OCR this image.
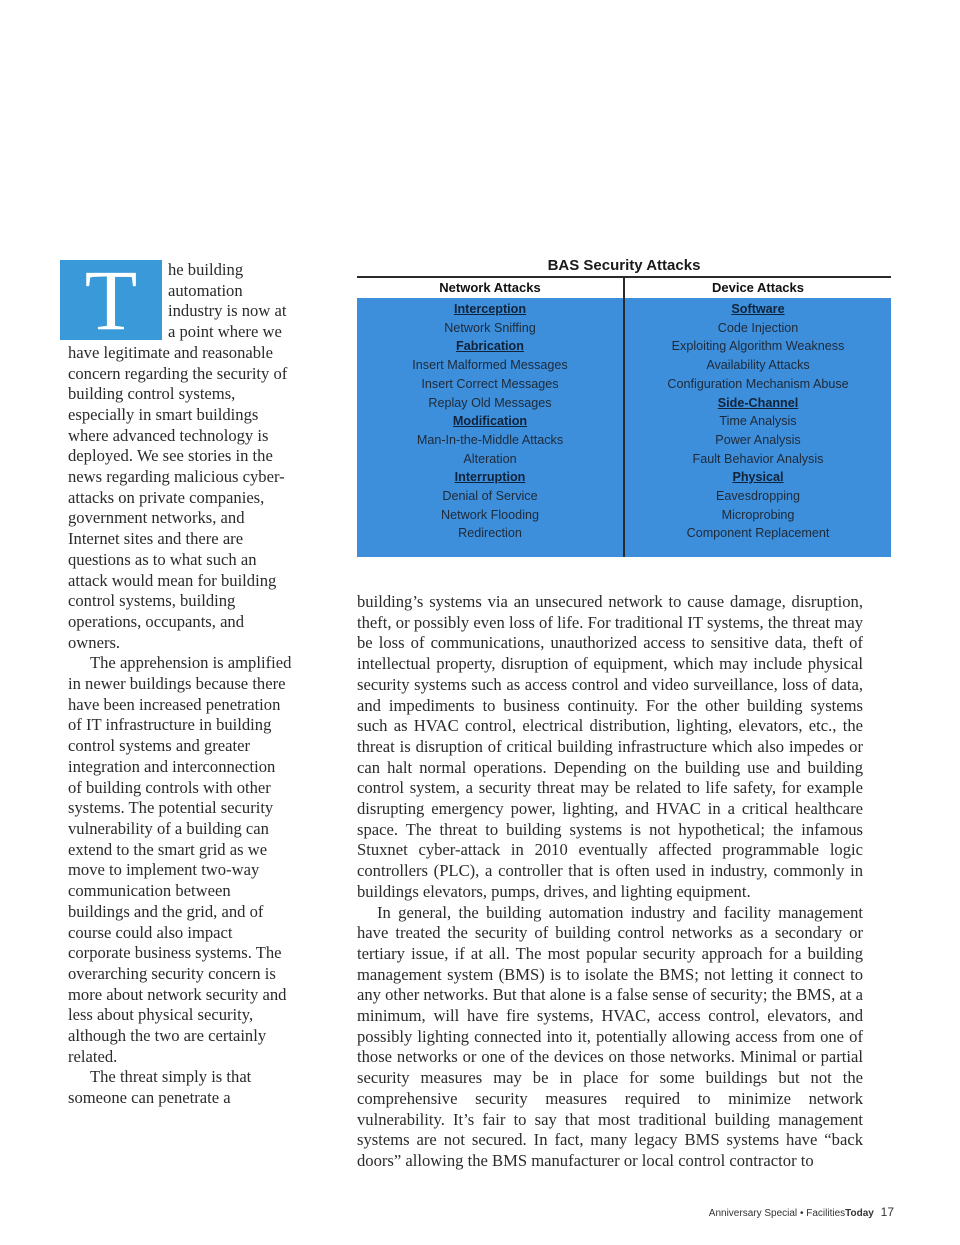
T	he building automation industry is now at a point where we have legitimate and reasonable concern regarding the security of building control systems, especially in smart buildings where advanced technology is deployed. We see stories in the news regarding malicious cyber-attacks on private companies, government networks, and Internet sites and there are questions as to what such an attack would mean for building control systems, building operations, occupants, and owners.

The apprehension is amplified in newer buildings because there have been increased penetration of IT infrastructure in building control systems and greater integration and interconnection of building controls with other systems. The potential security vulnerability of a building can extend to the smart grid as we move to implement two-way communication between buildings and the grid, and of course could also impact corporate business systems. The overarching security concern is more about network security and less about physical security, although the two are certainly related.

The threat simply is that someone can penetrate a

BAS Security Attacks
Network Attacks	Device Attacks
Interception
Network Sniffing
Fabrication
Insert Malformed Messages
Insert Correct Messages
Replay Old Messages
Modification
Man-In-the-Middle Attacks
Alteration
Interruption
Denial of Service
Network Flooding
Redirection
Software
Code Injection
Exploiting Algorithm Weakness
Availability Attacks
Configuration Mechanism Abuse
Side-Channel
Time Analysis
Power Analysis
Fault Behavior Analysis
Physical
Eavesdropping
Microprobing
Component Replacement

building’s systems via an unsecured network to cause damage, disruption, theft, or possibly even loss of life. For traditional IT systems, the threat may be loss of communications, unauthorized access to sensitive data, theft of intellectual property, disruption of equipment, which may include physical security systems such as access control and video surveillance, loss of data, and impediments to business continuity. For the other building systems such as HVAC control, electrical distribution, lighting, elevators, etc., the threat is disruption of critical building infrastructure which also impedes or can halt normal operations. Depending on the building use and building control system, a security threat may be related to life safety, for example disrupting emergency power, lighting, and HVAC in a critical healthcare space. The threat to building systems is not hypothetical; the infamous Stuxnet cyber-attack in 2010 eventually affected programmable logic controllers (PLC), a controller that is often used in industry, commonly in buildings elevators, pumps, drives, and lighting equipment.

In general, the building automation industry and facility management have treated the security of building control networks as a secondary or tertiary issue, if at all. The most popular security approach for a building management system (BMS) is to isolate the BMS; not letting it connect to any other networks. But that alone is a false sense of security; the BMS, at a minimum, will have fire systems, HVAC, access control, elevators, and possibly lighting connected into it, potentially allowing access from one of those networks or one of the devices on those networks. Minimal or partial security measures may be in place for some buildings but not the comprehensive security measures required to minimize network vulnerability. It’s fair to say that most traditional building management systems are not secured. In fact, many legacy BMS systems have “back doors” allowing the BMS manufacturer or local control contractor to

Anniversary Special • FacilitiesToday 17
